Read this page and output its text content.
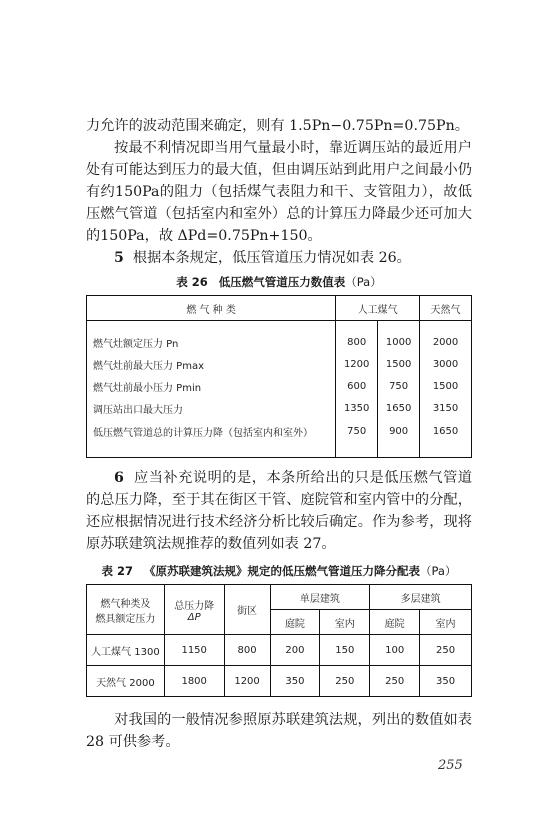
力允许的波动范围来确定，则有 1.5Pn−0.75Pn=0.75Pn。

按最不利情况即当用气量最小时，靠近调压站的最近用户处有可能达到压力的最大值，但由调压站到此用户之间最小仍有约150Pa的阻力（包括煤气表阻力和干、支管阻力），故低压燃气管道（包括室内和室外）总的计算压力降最少还可加大的150Pa，故 ΔPd=0.75Pn+150。

5 根据本条规定，低压管道压力情况如表 26。

表 26 低压燃气管道压力数值表（Pa）

燃 气 种 类	人工煤气		天然气
燃气灶额定压力 Pn	800	1000	2000
燃气灶前最大压力 Pmax	1200	1500	3000
燃气灶前最小压力 Pmin	600	750	1500
调压站出口最大压力	1350	1650	3150
低压燃气管道总的计算压力降（包括室内和室外）	750	900	1650

6 应当补充说明的是，本条所给出的只是低压燃气管道的总压力降，至于其在街区干管、庭院管和室内管中的分配，还应根据情况进行技术经济分析比较后确定。作为参考，现将原苏联建筑法规推荐的数值列如表 27。

表 27 《原苏联建筑法规》规定的低压燃气管道压力降分配表（Pa）

燃气种类及
燃具额定压力	总压力降
ΔP	街区	单层建筑		多层建筑	
			庭院	室内	庭院	室内
人工煤气 1300	1150	800	200	150	100	250
天然气 2000	1800	1200	350	250	250	350

对我国的一般情况参照原苏联建筑法规，列出的数值如表 28 可供参考。

255
